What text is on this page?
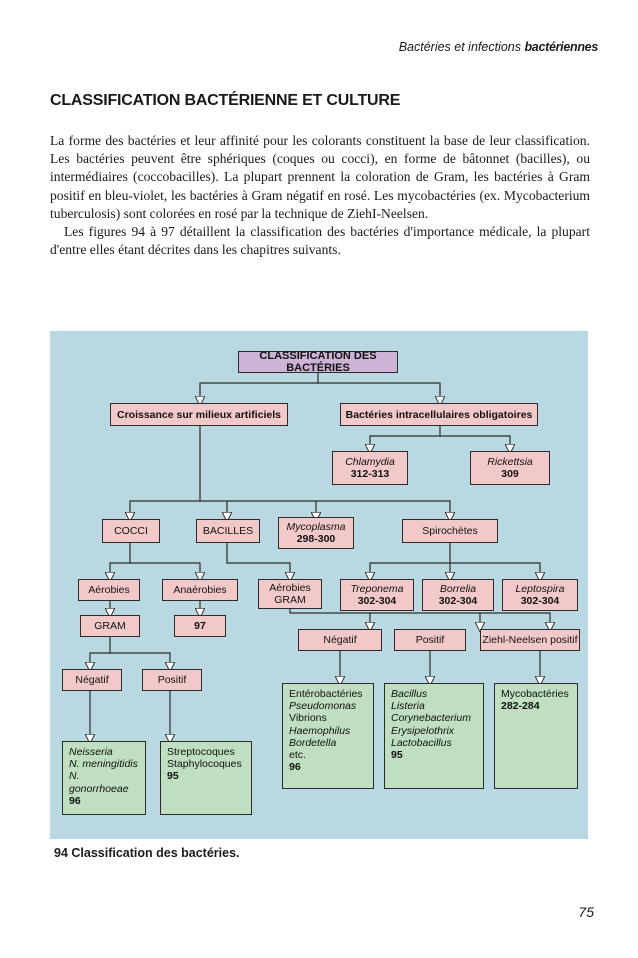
Bactéries et infections bactériennes
CLASSIFICATION BACTÉRIENNE ET CULTURE

La forme des bactéries et leur affinité pour les colorants constituent la base de leur classification. Les bactéries peuvent être sphériques (coques ou cocci), en forme de bâtonnet (bacilles), ou intermédiaires (coccobacilles). La plupart prennent la coloration de Gram, les bactéries à Gram positif en bleu-violet, les bactéries à Gram négatif en rosé. Les mycobactéries (ex. Mycobacterium tuberculosis) sont colorées en rosé par la technique de ZiehI-Neelsen.

Les figures 94 à 97 détaillent la classification des bactéries d'importance médicale, la plupart d'entre elles étant décrites dans les chapitres suivants.

CLASSIFICATION DES BACTÉRIES
Croissance sur milieux artificiels	Bactéries intracellulaires obligatoires
Chlamydia
312-313
Rickettsia
309
COCCI	BACILLES	Mycoplasma
298-300
Spirochètes
Aérobies	Anaérobies	Aérobies
GRAM
Treponema
302-304
Borrelia
302-304
Leptospira
302-304
GRAM	97
Négatif	Positif	Ziehl-Neelsen positif
Négatif	Positif
Entérobactéries
Pseudomonas
Vibrions
Haemophilus
Bordetella
etc.
96
Bacillus
Listeria
Corynebacterium
Erysipelothrix
Lactobacillus
95
Mycobactéries
282-284
Neisseria
N. meningitidis
N. gonorrhoeae
96
Streptocoques
Staphylocoques
95
94 Classification des bactéries.
75
